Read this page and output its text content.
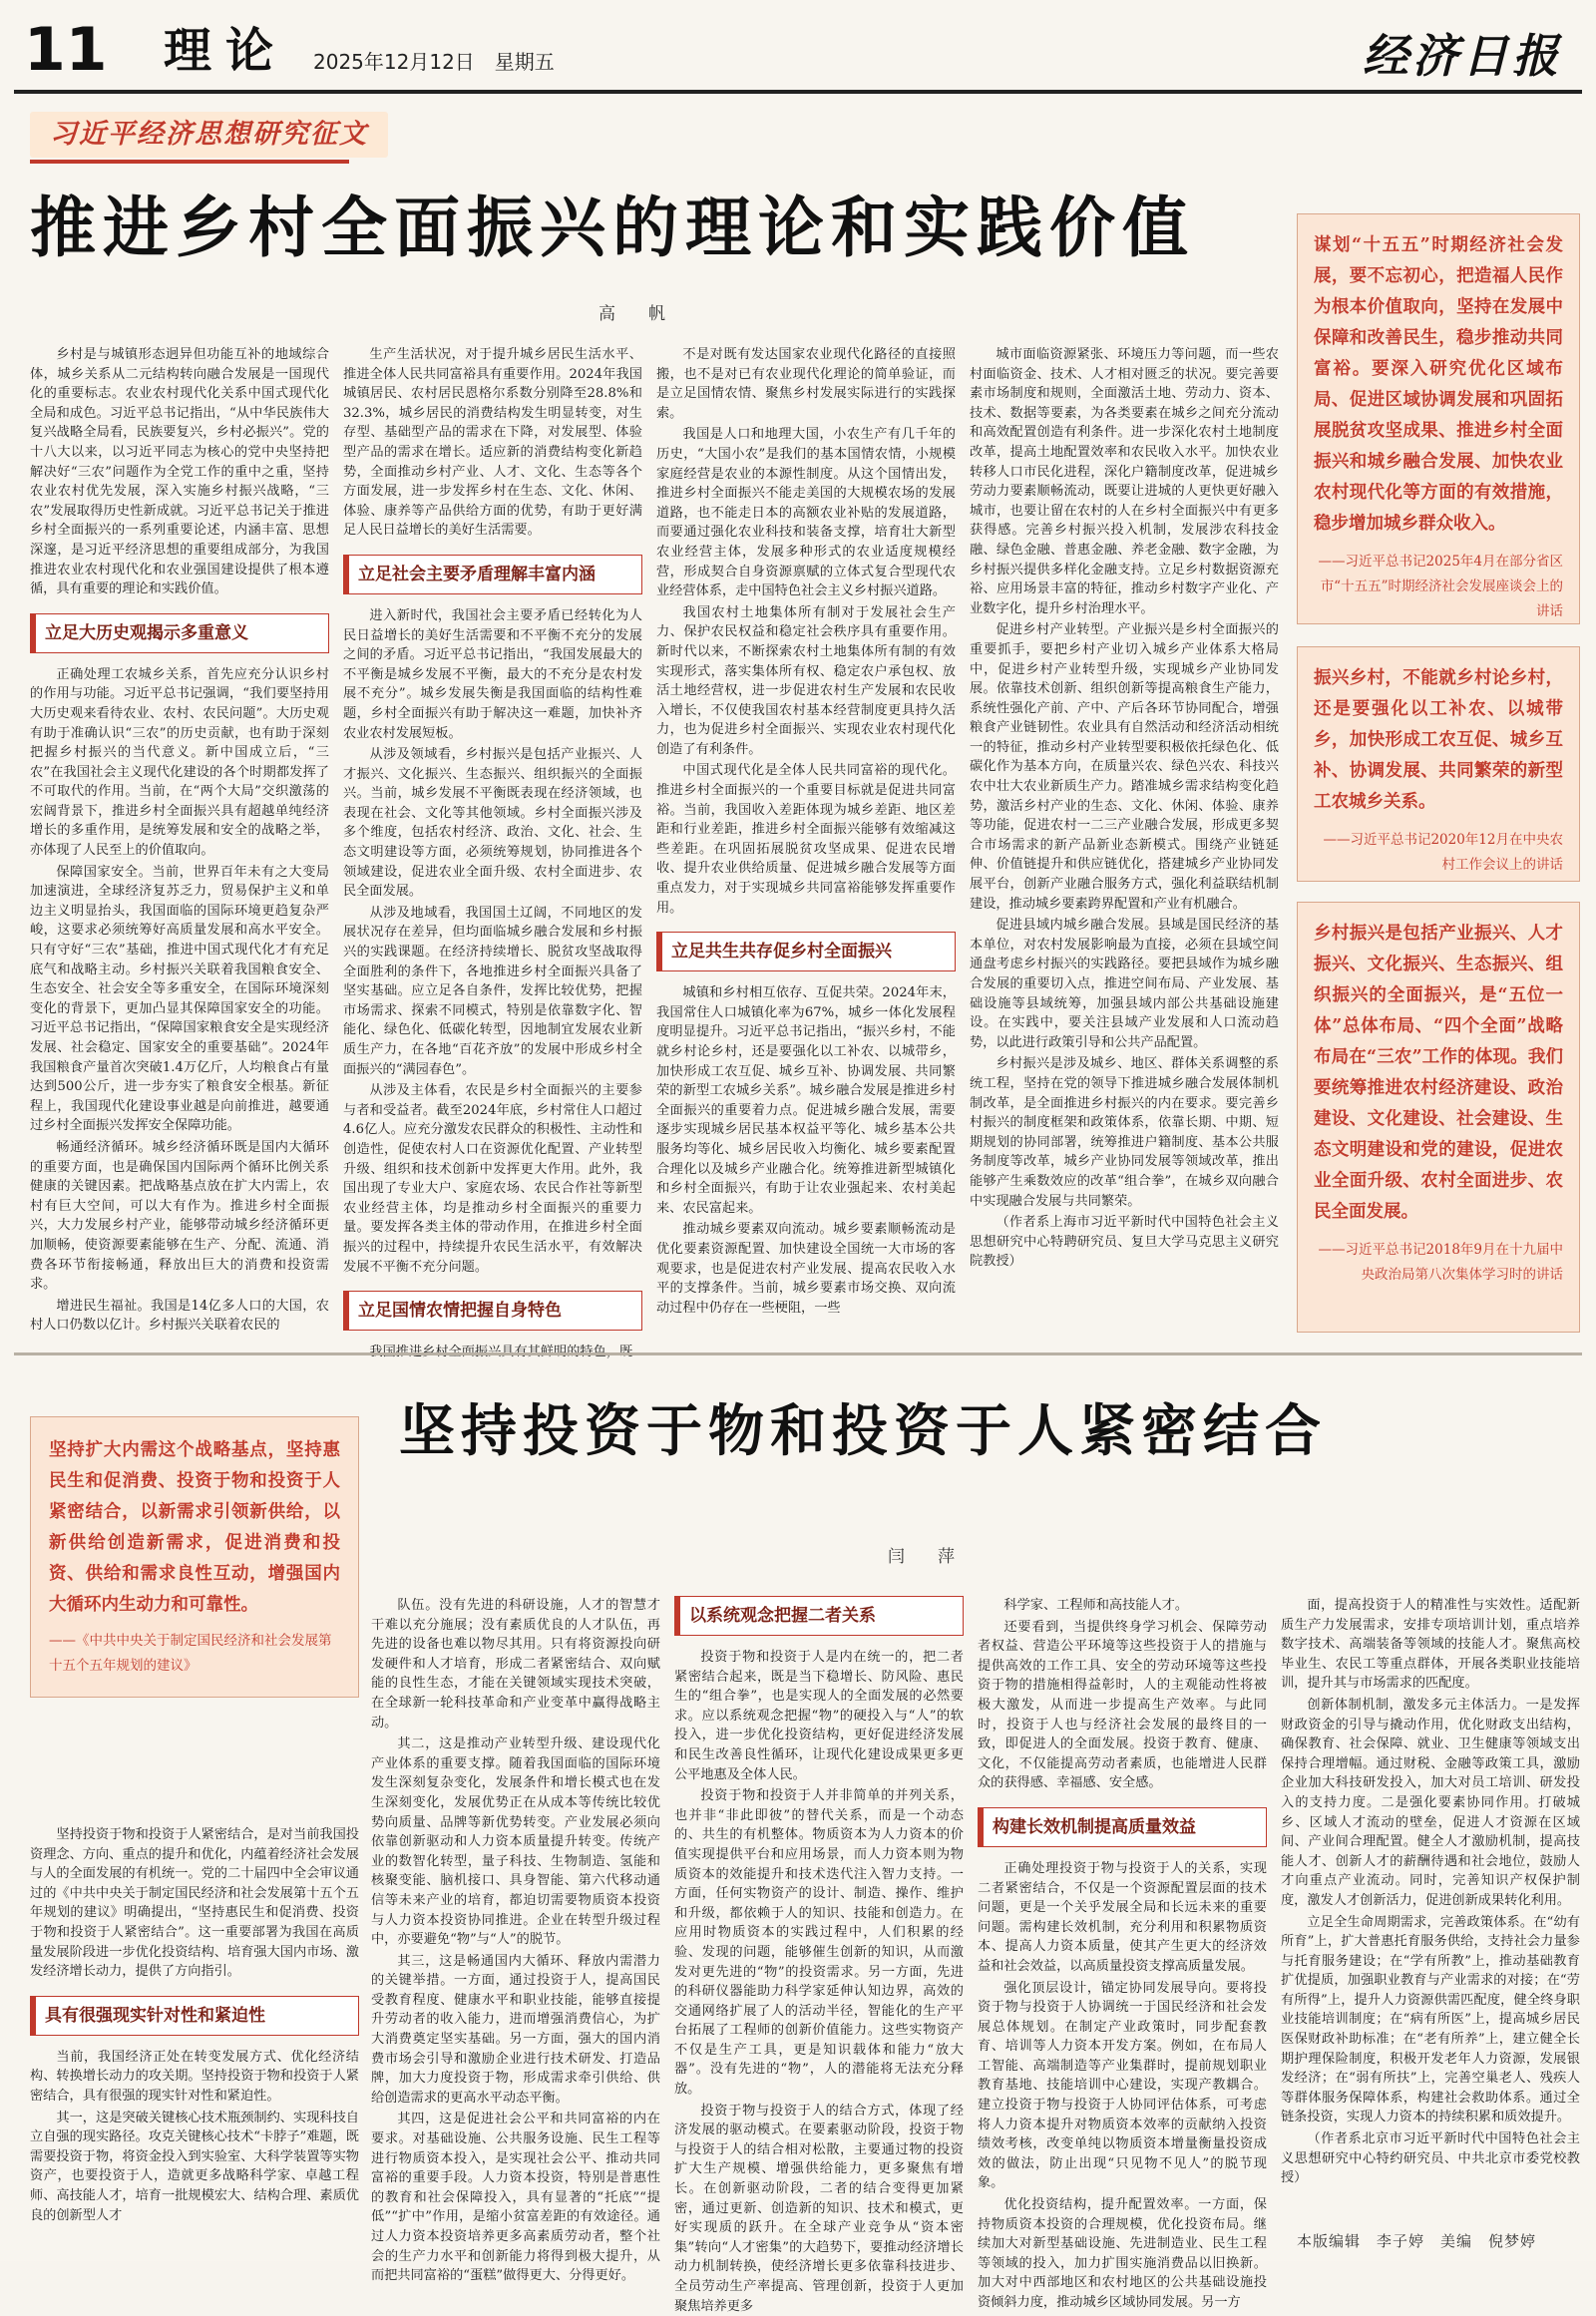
11 理论 2025年12月12日　星期五	经济日报
习近平经济思想研究征文
推进乡村全面振兴的理论和实践价值
高　帆

乡村是与城镇形态迥异但功能互补的地域综合体，城乡关系从二元结构转向融合发展是一国现代化的重要标志。农业农村现代化关系中国式现代化全局和成色。习近平总书记指出，“从中华民族伟大复兴战略全局看，民族要复兴，乡村必振兴”。党的十八大以来，以习近平同志为核心的党中央坚持把解决好“三农”问题作为全党工作的重中之重，坚持农业农村优先发展，深入实施乡村振兴战略，“三农”发展取得历史性新成就。习近平总书记关于推进乡村全面振兴的一系列重要论述，内涵丰富、思想深邃，是习近平经济思想的重要组成部分，为我国推进农业农村现代化和农业强国建设提供了根本遵循，具有重要的理论和实践价值。

立足大历史观揭示多重意义

正确处理工农城乡关系，首先应充分认识乡村的作用与功能。习近平总书记强调，“我们要坚持用大历史观来看待农业、农村、农民问题”。大历史观有助于准确认识“三农”的历史贡献，也有助于深刻把握乡村振兴的当代意义。新中国成立后，“三农”在我国社会主义现代化建设的各个时期都发挥了不可取代的作用。当前，在“两个大局”交织激荡的宏阔背景下，推进乡村全面振兴具有超越单纯经济增长的多重作用，是统筹发展和安全的战略之举，亦体现了人民至上的价值取向。

保障国家安全。当前，世界百年未有之大变局加速演进，全球经济复苏乏力，贸易保护主义和单边主义明显抬头，我国面临的国际环境更趋复杂严峻，这要求必须统筹好高质量发展和高水平安全。只有守好“三农”基础，推进中国式现代化才有充足底气和战略主动。乡村振兴关联着我国粮食安全、生态安全、社会安全等多重安全，在国际环境深刻变化的背景下，更加凸显其保障国家安全的功能。习近平总书记指出，“保障国家粮食安全是实现经济发展、社会稳定、国家安全的重要基础”。2024年我国粮食产量首次突破1.4万亿斤，人均粮食占有量达到500公斤，进一步夯实了粮食安全根基。新征程上，我国现代化建设事业越是向前推进，越要通过乡村全面振兴发挥安全保障功能。

畅通经济循环。城乡经济循环既是国内大循环的重要方面，也是确保国内国际两个循环比例关系健康的关键因素。把战略基点放在扩大内需上，农村有巨大空间，可以大有作为。推进乡村全面振兴，大力发展乡村产业，能够带动城乡经济循环更加顺畅，使资源要素能够在生产、分配、流通、消费各环节衔接畅通，释放出巨大的消费和投资需求。

增进民生福祉。我国是14亿多人口的大国，农村人口仍数以亿计。乡村振兴关联着农民的

生产生活状况，对于提升城乡居民生活水平、推进全体人民共同富裕具有重要作用。2024年我国城镇居民、农村居民恩格尔系数分别降至28.8%和32.3%，城乡居民的消费结构发生明显转变，对生存型、基础型产品的需求在下降，对发展型、体验型产品的需求在增长。适应新的消费结构变化新趋势，全面推动乡村产业、人才、文化、生态等各个方面发展，进一步发挥乡村在生态、文化、休闲、体验、康养等产品供给方面的优势，有助于更好满足人民日益增长的美好生活需要。

立足社会主要矛盾理解丰富内涵

进入新时代，我国社会主要矛盾已经转化为人民日益增长的美好生活需要和不平衡不充分的发展之间的矛盾。习近平总书记指出，“我国发展最大的不平衡是城乡发展不平衡，最大的不充分是农村发展不充分”。城乡发展失衡是我国面临的结构性难题，乡村全面振兴有助于解决这一难题，加快补齐农业农村发展短板。

从涉及领域看，乡村振兴是包括产业振兴、人才振兴、文化振兴、生态振兴、组织振兴的全面振兴。当前，城乡发展不平衡既表现在经济领域，也表现在社会、文化等其他领域。乡村全面振兴涉及多个维度，包括农村经济、政治、文化、社会、生态文明建设等方面，必须统筹规划，协同推进各个领域建设，促进农业全面升级、农村全面进步、农民全面发展。

从涉及地域看，我国国土辽阔，不同地区的发展状况存在差异，但均面临城乡融合发展和乡村振兴的实践课题。在经济持续增长、脱贫攻坚战取得全面胜利的条件下，各地推进乡村全面振兴具备了坚实基础。应立足各自条件，发挥比较优势，把握市场需求、探索不同模式，特别是依靠数字化、智能化、绿色化、低碳化转型，因地制宜发展农业新质生产力，在各地“百花齐放”的发展中形成乡村全面振兴的“满园春色”。

从涉及主体看，农民是乡村全面振兴的主要参与者和受益者。截至2024年底，乡村常住人口超过4.6亿人。应充分激发农民群众的积极性、主动性和创造性，促使农村人口在资源优化配置、产业转型升级、组织和技术创新中发挥更大作用。此外，我国出现了专业大户、家庭农场、农民合作社等新型农业经营主体，均是推动乡村全面振兴的重要力量。要发挥各类主体的带动作用，在推进乡村全面振兴的过程中，持续提升农民生活水平，有效解决发展不平衡不充分问题。

立足国情农情把握自身特色

不是对既有发达国家农业现代化路径的直接照搬，也不是对已有农业现代化理论的简单验证，而是立足国情农情、聚焦乡村发展实际进行的实践探索。

我国是人口和地理大国，小农生产有几千年的历史，“大国小农”是我们的基本国情农情，小规模家庭经营是农业的本源性制度。从这个国情出发，推进乡村全面振兴不能走美国的大规模农场的发展道路，也不能走日本的高额农业补贴的发展道路，而要通过强化农业科技和装备支撑，培育壮大新型农业经营主体，发展多种形式的农业适度规模经营，形成契合自身资源禀赋的立体式复合型现代农业经营体系，走中国特色社会主义乡村振兴道路。

我国农村土地集体所有制对于发展社会生产力、保护农民权益和稳定社会秩序具有重要作用。新时代以来，不断探索农村土地集体所有制的有效实现形式，落实集体所有权、稳定农户承包权、放活土地经营权，进一步促进农村生产发展和农民收入增长，不仅使我国农村基本经营制度更具持久活力，也为促进乡村全面振兴、实现农业农村现代化创造了有利条件。

中国式现代化是全体人民共同富裕的现代化。推进乡村全面振兴的一个重要目标就是促进共同富裕。当前，我国收入差距体现为城乡差距、地区差距和行业差距，推进乡村全面振兴能够有效缩减这些差距。在巩固拓展脱贫攻坚成果、促进农民增收、提升农业供给质量、促进城乡融合发展等方面重点发力，对于实现城乡共同富裕能够发挥重要作用。

立足共生共存促乡村全面振兴

城镇和乡村相互依存、互促共荣。2024年末，我国常住人口城镇化率为67%，城乡一体化发展程度明显提升。习近平总书记指出，“振兴乡村，不能就乡村论乡村，还是要强化以工补农、以城带乡，加快形成工农互促、城乡互补、协调发展、共同繁荣的新型工农城乡关系”。城乡融合发展是推进乡村全面振兴的重要着力点。促进城乡融合发展，需要逐步实现城乡居民基本权益平等化、城乡基本公共服务均等化、城乡居民收入均衡化、城乡要素配置合理化以及城乡产业融合化。统筹推进新型城镇化和乡村全面振兴，有助于让农业强起来、农村美起来、农民富起来。

推动城乡要素双向流动。城乡要素顺畅流动是优化要素资源配置、加快建设全国统一大市场的客观要求，也是促进农村产业发展、提高农民收入水平的支撑条件。当前，城乡要素市场交换、双向流动过程中仍存在一些梗阻，一些

城市面临资源紧张、环境压力等问题，而一些农村面临资金、技术、人才相对匮乏的状况。要完善要素市场制度和规则，全面激活土地、劳动力、资本、技术、数据等要素，为各类要素在城乡之间充分流动和高效配置创造有利条件。进一步深化农村土地制度改革，提高土地配置效率和农民收入水平。加快农业转移人口市民化进程，深化户籍制度改革，促进城乡劳动力要素顺畅流动，既要让进城的人更快更好融入城市，也要让留在农村的人在乡村全面振兴中有更多获得感。完善乡村振兴投入机制，发展涉农科技金融、绿色金融、普惠金融、养老金融、数字金融，为乡村振兴提供多样化金融支持。立足乡村数据资源充裕、应用场景丰富的特征，推动乡村数字产业化、产业数字化，提升乡村治理水平。

促进乡村产业转型。产业振兴是乡村全面振兴的重要抓手，要把乡村产业切入城乡产业体系大格局中，促进乡村产业转型升级，实现城乡产业协同发展。依靠技术创新、组织创新等提高粮食生产能力，系统性强化产前、产中、产后各环节协同配合，增强粮食产业链韧性。农业具有自然活动和经济活动相统一的特征，推动乡村产业转型要积极依托绿色化、低碳化作为基本方向，在质量兴农、绿色兴农、科技兴农中壮大农业新质生产力。踏准城乡需求结构变化趋势，激活乡村产业的生态、文化、休闲、体验、康养等功能，促进农村一二三产业融合发展，形成更多契合市场需求的新产品新业态新模式。围绕产业链延伸、价值链提升和供应链优化，搭建城乡产业协同发展平台，创新产业融合服务方式，强化利益联结机制建设，推动城乡要素跨界配置和产业有机融合。

促进县域内城乡融合发展。县域是国民经济的基本单位，对农村发展影响最为直接，必须在县域空间通盘考虑乡村振兴的实践路径。要把县域作为城乡融合发展的重要切入点，推进空间布局、产业发展、基础设施等县域统筹，加强县域内部公共基础设施建设。在实践中，要关注县域产业发展和人口流动趋势，以此进行政策引导和公共产品配置。

乡村振兴是涉及城乡、地区、群体关系调整的系统工程，坚持在党的领导下推进城乡融合发展体制机制改革，是全面推进乡村振兴的内在要求。要完善乡村振兴的制度框架和政策体系，依靠长期、中期、短期规划的协同部署，统筹推进户籍制度、基本公共服务制度等改革，城乡产业协同发展等领域改革，推出能够产生乘数效应的改革“组合拳”，在城乡双向融合中实现融合发展与共同繁荣。

（作者系上海市习近平新时代中国特色社会主义思想研究中心特聘研究员、复旦大学马克思主义研究院教授）

谋划“十五五”时期经济社会发展，要不忘初心，把造福人民作为根本价值取向，坚持在发展中保障和改善民生，稳步推动共同富裕。要深入研究优化区域布局、促进区域协调发展和巩固拓展脱贫攻坚成果、推进乡村全面振兴和城乡融合发展、加快农业农村现代化等方面的有效措施，稳步增加城乡群众收入。
—— 习近平总书记2025年4月在部分省区市“十五五”时期经济社会发展座谈会上的讲话
振兴乡村，不能就乡村论乡村，还是要强化以工补农、以城带乡，加快形成工农互促、城乡互补、协调发展、共同繁荣的新型工农城乡关系。
—— 习近平总书记2020年12月在中央农村工作会议上的讲话
乡村振兴是包括产业振兴、人才振兴、文化振兴、生态振兴、组织振兴的全面振兴，是“五位一体”总体布局、“四个全面”战略布局在“三农”工作的体现。我们要统筹推进农村经济建设、政治建设、文化建设、社会建设、生态文明建设和党的建设，促进农业全面升级、农村全面进步、农民全面发展。
—— 习近平总书记2018年9月在十九届中央政治局第八次集体学习时的讲话
坚持扩大内需这个战略基点，坚持惠民生和促消费、投资于物和投资于人紧密结合，以新需求引领新供给，以新供给创造新需求，促进消费和投资、供给和需求良性互动，增强国内大循环内生动力和可靠性。
——《中共中央关于制定国民经济和社会发展第十五个五年规划的建议》
坚持投资于物和投资于人紧密结合
闫　萍

坚持投资于物和投资于人紧密结合，是对当前我国投资理念、方向、重点的提升和优化，内蕴着经济社会发展与人的全面发展的有机统一。党的二十届四中全会审议通过的《中共中央关于制定国民经济和社会发展第十五个五年规划的建议》明确提出，“坚持惠民生和促消费、投资于物和投资于人紧密结合”。这一重要部署为我国在高质量发展阶段进一步优化投资结构、培育强大国内市场、激发经济增长动力，提供了方向指引。

具有很强现实针对性和紧迫性

当前，我国经济正处在转变发展方式、优化经济结构、转换增长动力的攻关期。坚持投资于物和投资于人紧密结合，具有很强的现实针对性和紧迫性。

其一，这是突破关键核心技术瓶颈制约、实现科技自立自强的现实路径。攻克关键核心技术“卡脖子”难题，既需要投资于物，将资金投入到实验室、大科学装置等实物资产，也要投资于人，造就更多战略科学家、卓越工程师、高技能人才，培育一批规模宏大、结构合理、素质优良的创新型人才

队伍。没有先进的科研设施，人才的智慧才干难以充分施展；没有素质优良的人才队伍，再先进的设备也难以物尽其用。只有将资源投向研发硬件和人才培育，形成二者紧密结合、双向赋能的良性生态，才能在关键领域实现技术突破，在全球新一轮科技革命和产业变革中赢得战略主动。

其二，这是推动产业转型升级、建设现代化产业体系的重要支撑。随着我国面临的国际环境发生深刻复杂变化，发展条件和增长模式也在发生深刻变化，发展优势正在从成本等传统比较优势向质量、品牌等新优势转变。产业发展必须向依靠创新驱动和人力资本质量提升转变。传统产业的数智化转型，量子科技、生物制造、氢能和核聚变能、脑机接口、具身智能、第六代移动通信等未来产业的培育，都迫切需要物质资本投资与人力资本投资协同推进。企业在转型升级过程中，亦要避免“物”与“人”的脱节。

其三，这是畅通国内大循环、释放内需潜力的关键举措。一方面，通过投资于人，提高国民受教育程度、健康水平和职业技能，能够直接提升劳动者的收入能力，进而增强消费信心，为扩大消费奠定坚实基础。另一方面，强大的国内消费市场会引导和激励企业进行技术研发、打造品牌，加大力度投资于物，形成需求牵引供给、供给创造需求的更高水平动态平衡。

其四，这是促进社会公平和共同富裕的内在要求。对基础设施、公共服务设施、民生工程等进行物质资本投入，是实现社会公平、推动共同富裕的重要手段。人力资本投资，特别是普惠性的教育和社会保障投入，具有显著的“托底”“提低”“扩中”作用，是缩小贫富差距的有效途径。通过人力资本投资培养更多高素质劳动者，整个社会的生产力水平和创新能力将得到极大提升，从而把共同富裕的“蛋糕”做得更大、分得更好。

以系统观念把握二者关系

投资于物和投资于人是内在统一的，把二者紧密结合起来，既是当下稳增长、防风险、惠民生的“组合拳”，也是实现人的全面发展的必然要求。应以系统观念把握“物”的硬投入与“人”的软投入，进一步优化投资结构，更好促进经济发展和民生改善良性循环，让现代化建设成果更多更公平地惠及全体人民。

投资于物和投资于人并非简单的并列关系，也并非“非此即彼”的替代关系，而是一个动态的、共生的有机整体。物质资本为人力资本的价值实现提供平台和应用场景，而人力资本则为物质资本的效能提升和技术迭代注入智力支持。一方面，任何实物资产的设计、制造、操作、维护和升级，都依赖于人的知识、技能和创造力。在应用时物质资本的实践过程中，人们积累的经验、发现的问题，能够催生创新的知识，从而激发对更先进的“物”的投资需求。另一方面，先进的科研仪器能助力科学家延伸认知边界，高效的交通网络扩展了人的活动半径，智能化的生产平台拓展了工程师的创新价值能力。这些实物资产不仅是生产工具，更是知识载体和能力“放大器”。没有先进的“物”，人的潜能将无法充分释放。

投资于物与投资于人的结合方式，体现了经济发展的驱动模式。在要素驱动阶段，投资于物与投资于人的结合相对松散，主要通过物的投资扩大生产规模、增强供给能力，更多聚焦有增长。在创新驱动阶段，二者的结合变得更加紧密，通过更新、创造新的知识、技术和模式，更好实现质的跃升。在全球产业竞争从“资本密集”转向“人才密集”的大趋势下，要推动经济增长动力机制转换，使经济增长更多依靠科技进步、全员劳动生产率提高、管理创新，投资于人更加聚焦培养更多

科学家、工程师和高技能人才。

还要看到，当提供终身学习机会、保障劳动者权益、营造公平环境等这些投资于人的措施与提供高效的工作工具、安全的劳动环境等这些投资于物的措施相得益彰时，人的主观能动性将被极大激发，从而进一步提高生产效率。与此同时，投资于人也与经济社会发展的最终目的一致，即促进人的全面发展。投资于教育、健康、文化，不仅能提高劳动者素质，也能增进人民群众的获得感、幸福感、安全感。

构建长效机制提高质量效益

正确处理投资于物与投资于人的关系，实现二者紧密结合，不仅是一个资源配置层面的技术问题，更是一个关乎发展全局和长远未来的重要问题。需构建长效机制，充分利用和积累物质资本、提高人力资本质量，使其产生更大的经济效益和社会效益，以高质量投资支撑高质量发展。

强化顶层设计，锚定协同发展导向。要将投资于物与投资于人协调统一于国民经济和社会发展总体规划。在制定产业政策时，同步配套教育、培训等人力资本开发方案。例如，在布局人工智能、高端制造等产业集群时，提前规划职业教育基地、技能培训中心建设，实现产教耦合。建立投资于物与投资于人协同评估体系，可考虑将人力资本提升对物质资本效率的贡献纳入投资绩效考核，改变单纯以物质资本增量衡量投资成效的做法，防止出现“只见物不见人”的脱节现象。

优化投资结构，提升配置效率。一方面，保持物质资本投资的合理规模，优化投资布局。继续加大对新型基础设施、先进制造业、民生工程等领域的投入，加力扩围实施消费品以旧换新。加大对中西部地区和农村地区的公共基础设施投资倾斜力度，推动城乡区域协同发展。另一方

面，提高投资于人的精准性与实效性。适配新质生产力发展需求，安排专项培训计划，重点培养数字技术、高端装备等领域的技能人才。聚焦高校毕业生、农民工等重点群体，开展各类职业技能培训，提升其与市场需求的匹配度。

创新体制机制，激发多元主体活力。一是发挥财政资金的引导与撬动作用，优化财政支出结构，确保教育、社会保障、就业、卫生健康等领域支出保持合理增幅。通过财税、金融等政策工具，激励企业加大科技研发投入，加大对员工培训、研发投入的支持力度。二是强化要素协同作用。打破城乡、区域人才流动的壁垒，促进人才资源在区域间、产业间合理配置。健全人才激励机制，提高技能人才、创新人才的薪酬待遇和社会地位，鼓励人才向重点产业流动。同时，完善知识产权保护制度，激发人才创新活力，促进创新成果转化利用。

立足全生命周期需求，完善政策体系。在“幼有所育”上，扩大普惠托育服务供给，支持社会力量参与托育服务建设；在“学有所教”上，推动基础教育扩优提质，加强职业教育与产业需求的对接；在“劳有所得”上，提升人力资源供需匹配度，健全终身职业技能培训制度；在“病有所医”上，提高城乡居民医保财政补助标准；在“老有所养”上，建立健全长期护理保险制度，积极开发老年人力资源，发展银发经济；在“弱有所扶”上，完善空巢老人、残疾人等群体服务保障体系，构建社会救助体系。通过全链条投资，实现人力资本的持续积累和质效提升。

（作者系北京市习近平新时代中国特色社会主义思想研究中心特约研究员、中共北京市委党校教授）

本版编辑　李子婷　美编　倪梦婷
